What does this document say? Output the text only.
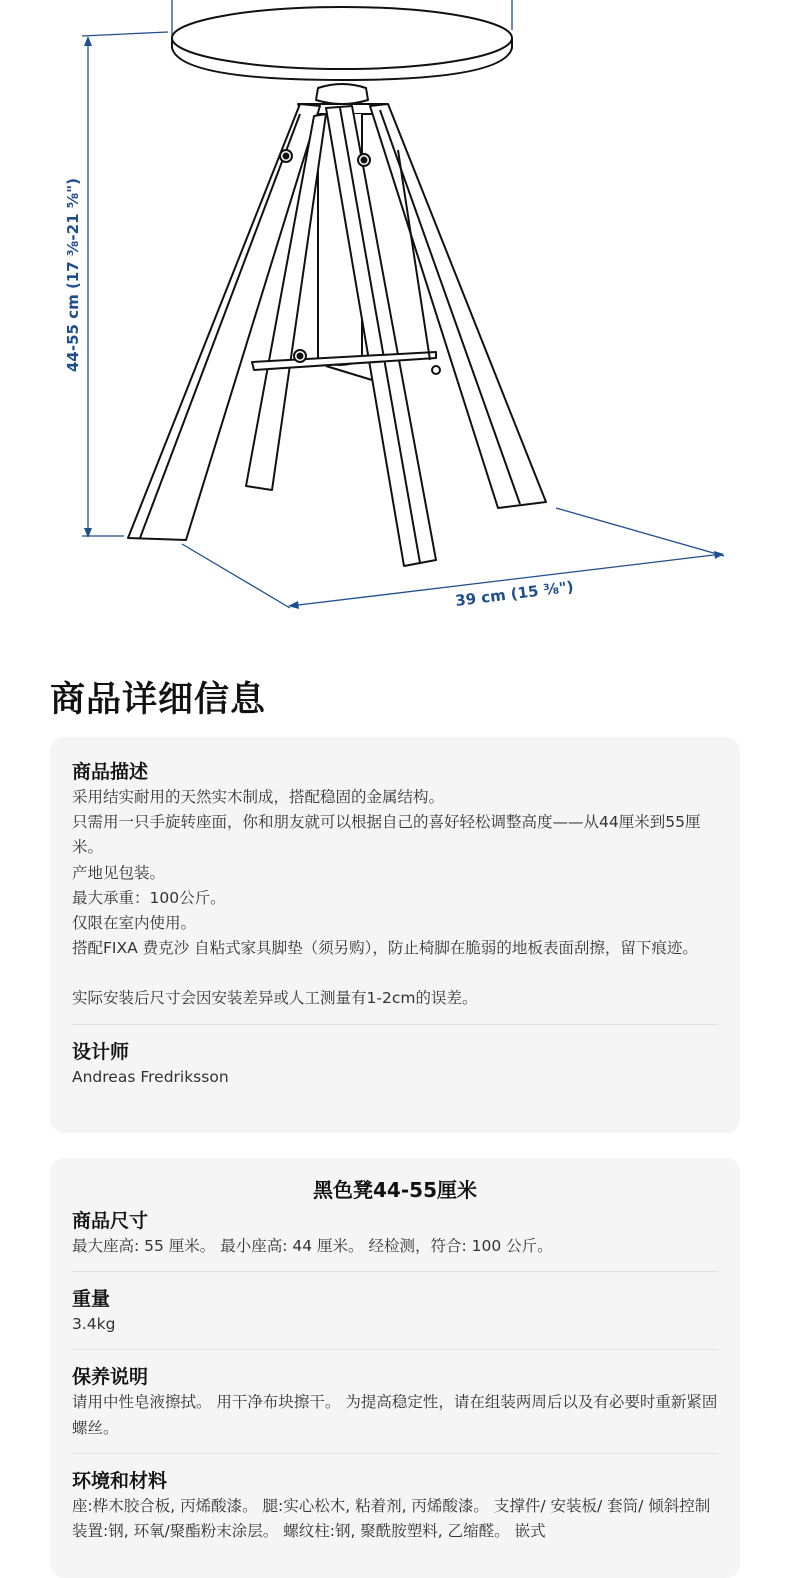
44-55 cm (17 ⅜-21 ⅝")
39 cm (15 ⅜")
商品详细信息

商品描述

采用结实耐用的天然实木制成，搭配稳固的金属结构。

只需用一只手旋转座面，你和朋友就可以根据自己的喜好轻松调整高度——从44厘米到55厘米。

产地见包装。

最大承重：100公斤。

仅限在室内使用。

搭配FIXA 费克沙 自粘式家具脚垫（须另购），防止椅脚在脆弱的地板表面刮擦，留下痕迹。

实际安装后尺寸会因安装差异或人工测量有1-2cm的误差。

设计师

Andreas Fredriksson

黑色凳44-55厘米

商品尺寸

最大座高: 55 厘米。 最小座高: 44 厘米。 经检测，符合: 100 公斤。

重量

3.4kg

保养说明

请用中性皂液擦拭。 用干净布块擦干。 为提高稳定性，请在组装两周后以及有必要时重新紧固螺丝。

环境和材料

座:桦木胶合板, 丙烯酸漆。 腿:实心松木, 粘着剂, 丙烯酸漆。 支撑件/ 安装板/ 套筒/ 倾斜控制装置:钢, 环氧/聚酯粉末涂层。 螺纹柱:钢, 聚酰胺塑料, 乙缩醛。 嵌式
